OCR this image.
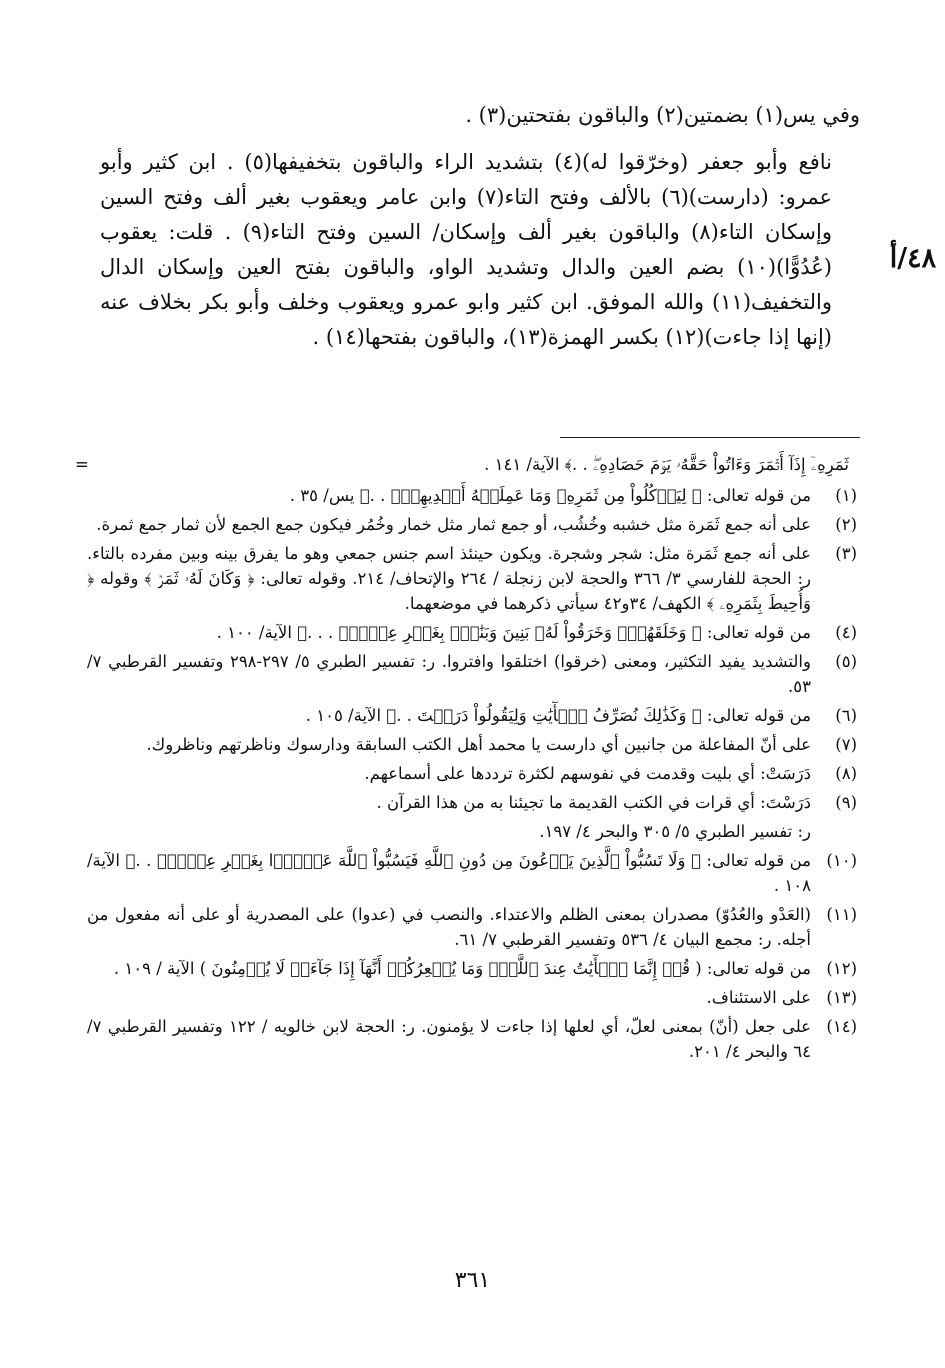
وفي يس(١) بضمتين(٢) والباقون بفتحتين(٣) .

نافع وأبو جعفر (وخرّقوا له)(٤) بتشديد الراء والباقون بتخفيفها(٥) . ابن كثير وأبو عمرو: (دارست)(٦) بالألف وفتح التاء(٧) وابن عامر ويعقوب بغير ألف وفتح السين وإسكان التاء(٨) والباقون بغير ألف وإسكان/ السين وفتح التاء(٩) . قلت: يعقوب (عُدُوًّا)(١٠) بضم العين والدال وتشديد الواو، والباقون بفتح العين وإسكان الدال والتخفيف(١١) والله الموفق. ابن كثير وابو عمرو ويعقوب وخلف وأبو بكر بخلاف عنه (إنها إذا جاءت)(١٢) بكسر الهمزة(١٣)، والباقون بفتحها(١٤) .

٤٨/أ
ثَمَرِهِۦٓ إِذَآ أَثۡمَرَ وَءَاتُواْ حَقَّهُۥ يَوۡمَ حَصَادِهِۦۖ . .﴾ الآية/ ١٤١ .
=
(١)
من قوله تعالى: ﴿ لِيَأۡكُلُواْ مِن ثَمَرِهِۦ وَمَا عَمِلَتۡهُ أَيۡدِيهِمۡۚ . .﴾ يس/ ٣٥ .
(٢)
على أنه جمع ثَمَرة مثل خشبه وخُشُب، أو جمع ثمار مثل خمار وخُمُر فيكون جمع الجمع لأن ثمار جمع ثمرة.
(٣)
على أنه جمع ثَمَرة مثل: شجر وشجرة. ويكون حينئذ اسم جنس جمعي وهو ما يفرق بينه وبين مفرده بالتاء. ر: الحجة للفارسي ٣/ ٣٦٦ والحجة لابن زنجلة / ٢٦٤ والإتحاف/ ٢١٤. وقوله تعالى: ﴿ وَكَانَ لَهُۥ ثَمَرٞ ﴾ وقوله ﴿ وَأُحِيطَ بِثَمَرِهِۦ ﴾ الكهف/ ٣٤و٤٢ سيأتي ذكرهما في موضعهما.
(٤)
من قوله تعالى: ﴿ وَخَلَقَهُمۡۖ وَخَرَقُواْ لَهُۥ بَنِينَ وَبَنَٰتِۭ بِغَيۡرِ عِلۡمٖۚ . . .﴾ الآية/ ١٠٠ .
(٥)
والتشديد يفيد التكثير، ومعنى (خرقوا) اختلقوا وافتروا. ر: تفسير الطبري ٥/ ٢٩٧-٢٩٨ وتفسير القرطبي ٧/ ٥٣.
(٦)
من قوله تعالى: ﴿ وَكَذَٰلِكَ نُصَرِّفُ ٱلۡأٓيَٰتِ وَلِيَقُولُواْ دَرَسۡتَ . .﴾ الآية/ ١٠٥ .
(٧)
على أنّ المفاعلة من جانبين أي دارست يا محمد أهل الكتب السابقة ودارسوك وناظرتهم وناظروك.
(٨)
دَرَسَتْ: أي بليت وقدمت في نفوسهم لكثرة ترددها على أسماعهم.
(٩)
دَرَسْتَ: أي قرات في الكتب القديمة ما تجيئنا به من هذا القرآن .
ر: تفسير الطبري ٥/ ٣٠٥ والبحر ٤/ ١٩٧.
(١٠)
من قوله تعالى: ﴿ وَلَا تَسُبُّواْ ٱلَّذِينَ يَدۡعُونَ مِن دُونِ ٱللَّهِ فَيَسُبُّواْ ٱللَّهَ عَدۡوَۢا بِغَيۡرِ عِلۡمٖۗ . .﴾ الآية/ ١٠٨ .
(١١)
(العَدْو والعُدُوّ) مصدران بمعنى الظلم والاعتداء. والنصب في (عدوا) على المصدرية أو على أنه مفعول من أجله. ر: مجمع البيان ٤/ ٥٣٦ وتفسير القرطبي ٧/ ٦١.
(١٢)
من قوله تعالى: ( قُلۡ إِنَّمَا ٱلۡأٓيَٰتُ عِندَ ٱللَّهِۖ وَمَا يُشۡعِرُكُمۡ أَنَّهَآ إِذَا جَآءَتۡ لَا يُؤۡمِنُونَ ) الآية / ١٠٩ .
(١٣)
على الاستئناف.
(١٤)
على جعل (أنّ) بمعنى لعلّ، أي لعلها إذا جاءت لا يؤمنون. ر: الحجة لابن خالويه / ١٢٢ وتفسير القرطبي ٧/ ٦٤ والبحر ٤/ ٢٠١.
٣٦١
